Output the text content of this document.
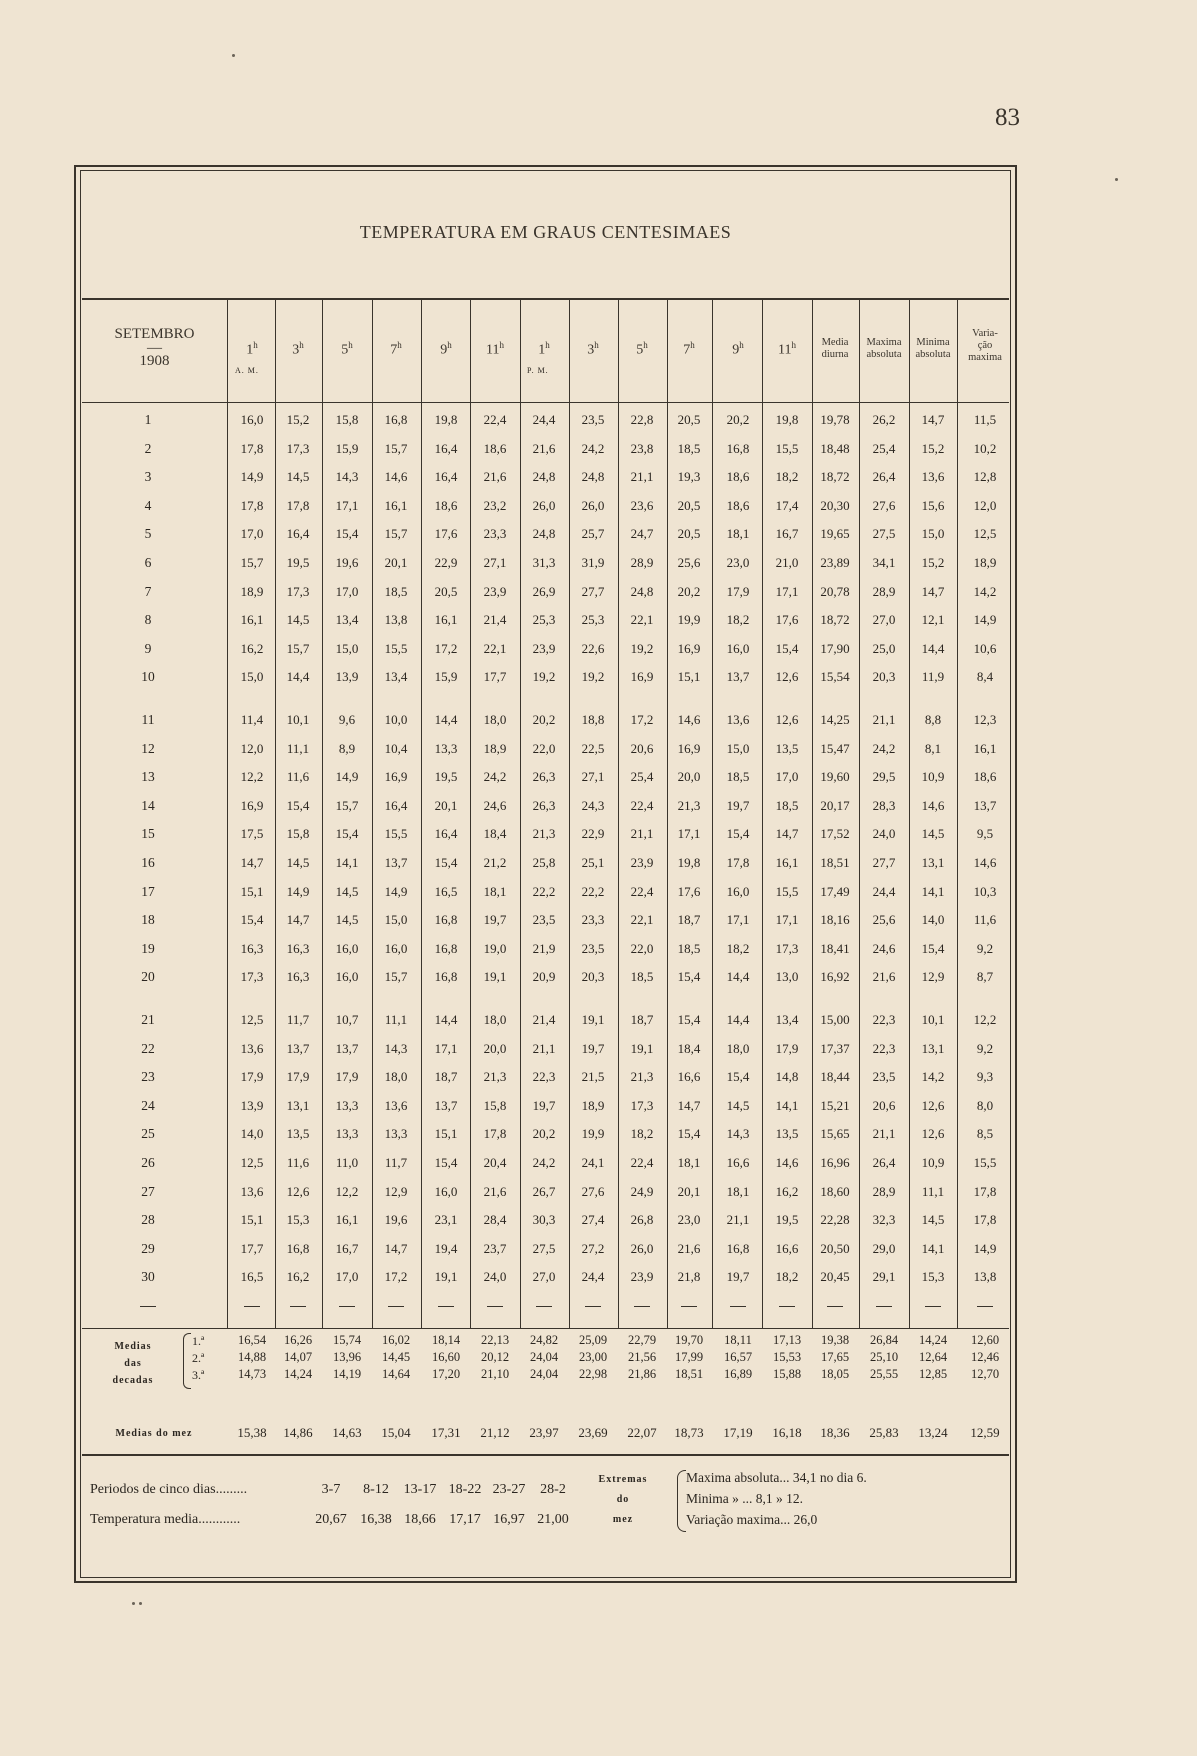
83
TEMPERATURA EM GRAUS CENTESIMAES
SETEMBRO
—
1908
1$^h$
A. M.
3$^h$	5$^h$	7$^h$	9$^h$	11$^h$	1$^h$
P. M.
3$^h$	5$^h$	7$^h$	9$^h$	11$^h$	Media
diurna
Maxima
absoluta
Minima
absoluta
Varia-
ção
maxima
1	16,0	15,2	15,8	16,8	19,8	22,4	24,4	23,5	22,8	20,5	20,2	19,8	19,78	26,2	14,7	11,5
2	17,8	17,3	15,9	15,7	16,4	18,6	21,6	24,2	23,8	18,5	16,8	15,5	18,48	25,4	15,2	10,2
3	14,9	14,5	14,3	14,6	16,4	21,6	24,8	24,8	21,1	19,3	18,6	18,2	18,72	26,4	13,6	12,8
4	17,8	17,8	17,1	16,1	18,6	23,2	26,0	26,0	23,6	20,5	18,6	17,4	20,30	27,6	15,6	12,0
5	17,0	16,4	15,4	15,7	17,6	23,3	24,8	25,7	24,7	20,5	18,1	16,7	19,65	27,5	15,0	12,5
6	15,7	19,5	19,6	20,1	22,9	27,1	31,3	31,9	28,9	25,6	23,0	21,0	23,89	34,1	15,2	18,9
7	18,9	17,3	17,0	18,5	20,5	23,9	26,9	27,7	24,8	20,2	17,9	17,1	20,78	28,9	14,7	14,2
8	16,1	14,5	13,4	13,8	16,1	21,4	25,3	25,3	22,1	19,9	18,2	17,6	18,72	27,0	12,1	14,9
9	16,2	15,7	15,0	15,5	17,2	22,1	23,9	22,6	19,2	16,9	16,0	15,4	17,90	25,0	14,4	10,6
10	15,0	14,4	13,9	13,4	15,9	17,7	19,2	19,2	16,9	15,1	13,7	12,6	15,54	20,3	11,9	8,4
11	11,4	10,1	9,6	10,0	14,4	18,0	20,2	18,8	17,2	14,6	13,6	12,6	14,25	21,1	8,8	12,3
12	12,0	11,1	8,9	10,4	13,3	18,9	22,0	22,5	20,6	16,9	15,0	13,5	15,47	24,2	8,1	16,1
13	12,2	11,6	14,9	16,9	19,5	24,2	26,3	27,1	25,4	20,0	18,5	17,0	19,60	29,5	10,9	18,6
14	16,9	15,4	15,7	16,4	20,1	24,6	26,3	24,3	22,4	21,3	19,7	18,5	20,17	28,3	14,6	13,7
15	17,5	15,8	15,4	15,5	16,4	18,4	21,3	22,9	21,1	17,1	15,4	14,7	17,52	24,0	14,5	9,5
16	14,7	14,5	14,1	13,7	15,4	21,2	25,8	25,1	23,9	19,8	17,8	16,1	18,51	27,7	13,1	14,6
17	15,1	14,9	14,5	14,9	16,5	18,1	22,2	22,2	22,4	17,6	16,0	15,5	17,49	24,4	14,1	10,3
18	15,4	14,7	14,5	15,0	16,8	19,7	23,5	23,3	22,1	18,7	17,1	17,1	18,16	25,6	14,0	11,6
19	16,3	16,3	16,0	16,0	16,8	19,0	21,9	23,5	22,0	18,5	18,2	17,3	18,41	24,6	15,4	9,2
20	17,3	16,3	16,0	15,7	16,8	19,1	20,9	20,3	18,5	15,4	14,4	13,0	16,92	21,6	12,9	8,7
21	12,5	11,7	10,7	11,1	14,4	18,0	21,4	19,1	18,7	15,4	14,4	13,4	15,00	22,3	10,1	12,2
22	13,6	13,7	13,7	14,3	17,1	20,0	21,1	19,7	19,1	18,4	18,0	17,9	17,37	22,3	13,1	9,2
23	17,9	17,9	17,9	18,0	18,7	21,3	22,3	21,5	21,3	16,6	15,4	14,8	18,44	23,5	14,2	9,3
24	13,9	13,1	13,3	13,6	13,7	15,8	19,7	18,9	17,3	14,7	14,5	14,1	15,21	20,6	12,6	8,0
25	14,0	13,5	13,3	13,3	15,1	17,8	20,2	19,9	18,2	15,4	14,3	13,5	15,65	21,1	12,6	8,5
26	12,5	11,6	11,0	11,7	15,4	20,4	24,2	24,1	22,4	18,1	16,6	14,6	16,96	26,4	10,9	15,5
27	13,6	12,6	12,2	12,9	16,0	21,6	26,7	27,6	24,9	20,1	18,1	16,2	18,60	28,9	11,1	17,8
28	15,1	15,3	16,1	19,6	23,1	28,4	30,3	27,4	26,8	23,0	21,1	19,5	22,28	32,3	14,5	17,8
29	17,7	16,8	16,7	14,7	19,4	23,7	27,5	27,2	26,0	21,6	16,8	16,6	20,50	29,0	14,1	14,9
30	16,5	16,2	17,0	17,2	19,1	24,0	27,0	24,4	23,9	21,8	19,7	18,2	20,45	29,1	15,3	13,8
Medias
das
decadas
1.ª
2.ª
3.ª
16,54	16,26	15,74	16,02	18,14	22,13	24,82	25,09	22,79	19,70	18,11	17,13	19,38	26,84	14,24	12,60
14,88	14,07	13,96	14,45	16,60	20,12	24,04	23,00	21,56	17,99	16,57	15,53	17,65	25,10	12,64	12,46
14,73	14,24	14,19	14,64	17,20	21,10	24,04	22,98	21,86	18,51	16,89	15,88	18,05	25,55	12,85	12,70
Medias do mez	15,38	14,86	14,63	15,04	17,31	21,12	23,97	23,69	22,07	18,73	17,19	16,18	18,36	25,83	13,24	12,59
Periodos de cinco dias.........	3-7	8-12	13-17 18-22 23-27	28-2
Temperatura media............	20,67 16,38 18,66 17,17 16,97 21,00
Extremas
do
mez
Maxima absoluta... 34,1 no dia 6.
Minima » ... 8,1 » 12.
Variação maxima... 26,0
